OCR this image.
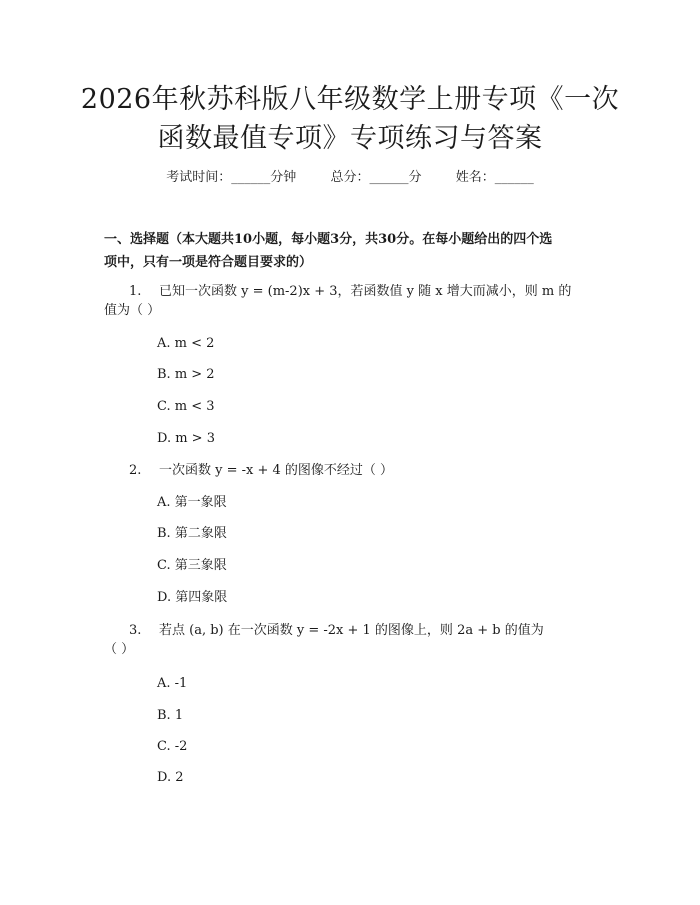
2026年秋苏科版八年级数学上册专项《一次
函数最值专项》专项练习与答案
考试时间：______分钟	总分：______分	姓名：______
一、选择题（本大题共10小题，每小题3分，共30分。在每小题给出的四个选
项中，只有一项是符合题目要求的）
1. 已知一次函数 y = (m-2)x + 3，若函数值 y 随 x 增大而减小，则 m 的
值为（ ）
A. m < 2
B. m > 2
C. m < 3
D. m > 3
2. 一次函数 y = -x + 4 的图像不经过（ ）
A. 第一象限
B. 第二象限
C. 第三象限
D. 第四象限
3. 若点 (a, b) 在一次函数 y = -2x + 1 的图像上，则 2a + b 的值为
（ ）
A. -1
B. 1
C. -2
D. 2
